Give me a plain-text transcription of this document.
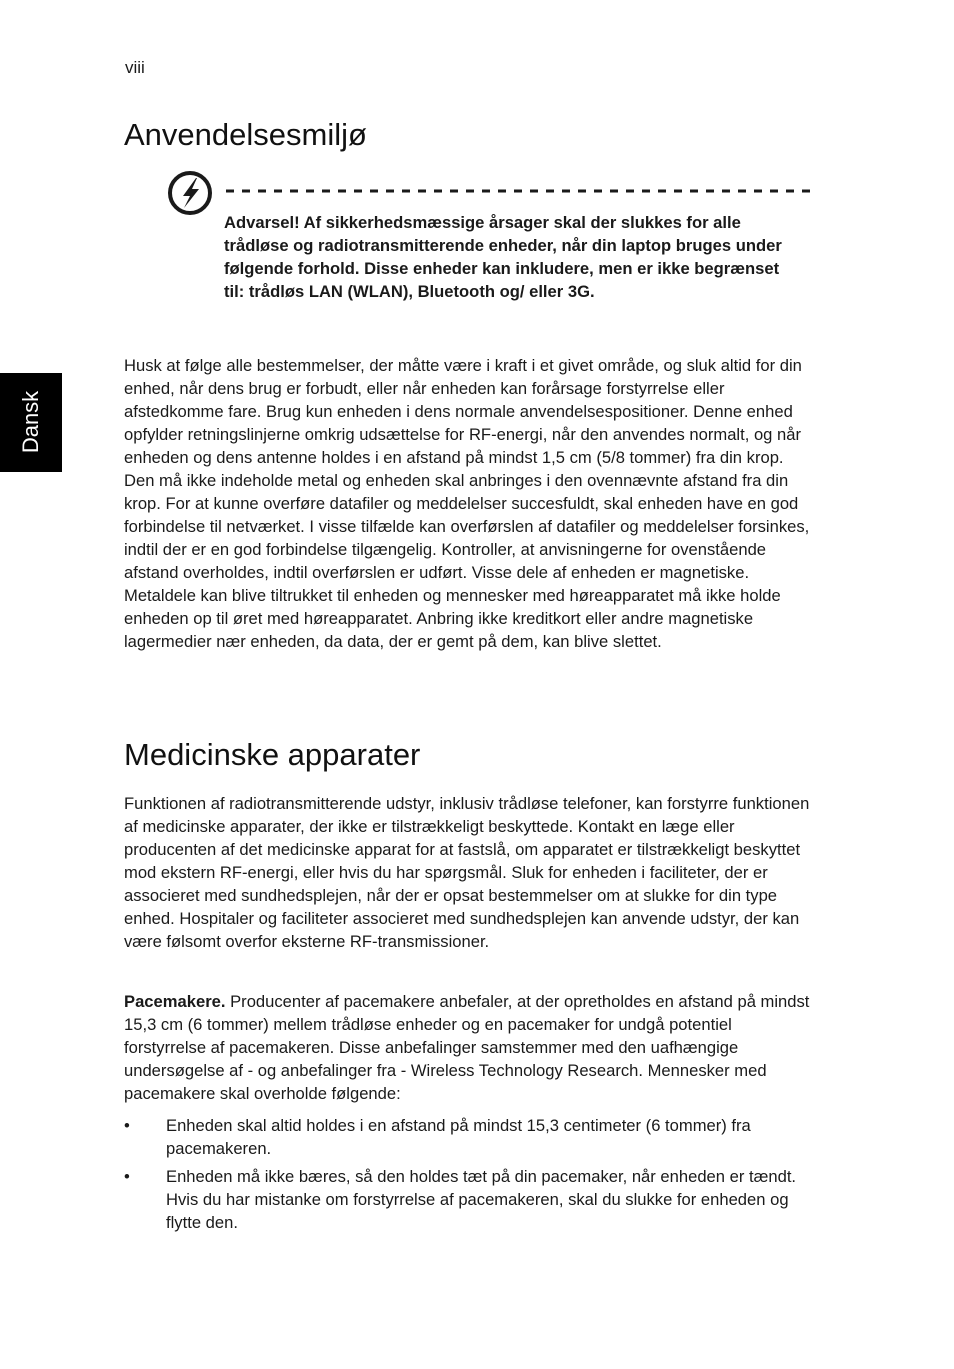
viii
Dansk
Anvendelsesmiljø

Advarsel! Af sikkerhedsmæssige årsager skal der slukkes for alle trådløse og radiotransmitterende enheder, når din laptop bruges under følgende forhold. Disse enheder kan inkludere, men er ikke begrænset til: trådløs LAN (WLAN), Bluetooth og/ eller 3G.

Husk at følge alle bestemmelser, der måtte være i kraft i et givet område, og sluk altid for din enhed, når dens brug er forbudt, eller når enheden kan forårsage forstyrrelse eller afstedkomme fare. Brug kun enheden i dens normale anvendelsespositioner. Denne enhed opfylder retningslinjerne omkrig udsættelse for RF-energi, når den anvendes normalt, og når enheden og dens antenne holdes i en afstand på mindst 1,5 cm (5/8 tommer) fra din krop. Den må ikke indeholde metal og enheden skal anbringes i den ovennævnte afstand fra din krop. For at kunne overføre datafiler og meddelelser succesfuldt, skal enheden have en god forbindelse til netværket. I visse tilfælde kan overførslen af datafiler og meddelelser forsinkes, indtil der er en god forbindelse tilgængelig. Kontroller, at anvisningerne for ovenstående afstand overholdes, indtil overførslen er udført. Visse dele af enheden er magnetiske. Metaldele kan blive tiltrukket til enheden og mennesker med høreapparatet må ikke holde enheden op til øret med høreapparatet. Anbring ikke kreditkort eller andre magnetiske lagermedier nær enheden, da data, der er gemt på dem, kan blive slettet.

Medicinske apparater

Funktionen af radiotransmitterende udstyr, inklusiv trådløse telefoner, kan forstyrre funktionen af medicinske apparater, der ikke er tilstrækkeligt beskyttede. Kontakt en læge eller producenten af det medicinske apparat for at fastslå, om apparatet er tilstrækkeligt beskyttet mod ekstern RF-energi, eller hvis du har spørgsmål. Sluk for enheden i faciliteter, der er associeret med sundhedsplejen, når der er opsat bestemmelser om at slukke for din type enhed. Hospitaler og faciliteter associeret med sundhedsplejen kan anvende udstyr, der kan være følsomt overfor eksterne RF-transmissioner.

Pacemakere. Producenter af pacemakere anbefaler, at der opretholdes en afstand på mindst 15,3 cm (6 tommer) mellem trådløse enheder og en pacemaker for undgå potentiel forstyrrelse af pacemakeren. Disse anbefalinger samstemmer med den uafhængige undersøgelse af - og anbefalinger fra - Wireless Technology Research. Mennesker med pacemakere skal overholde følgende:

• Enheden skal altid holdes i en afstand på mindst 15,3 centimeter (6 tommer) fra pacemakeren.
• Enheden må ikke bæres, så den holdes tæt på din pacemaker, når enheden er tændt. Hvis du har mistanke om forstyrrelse af pacemakeren, skal du slukke for enheden og flytte den.
